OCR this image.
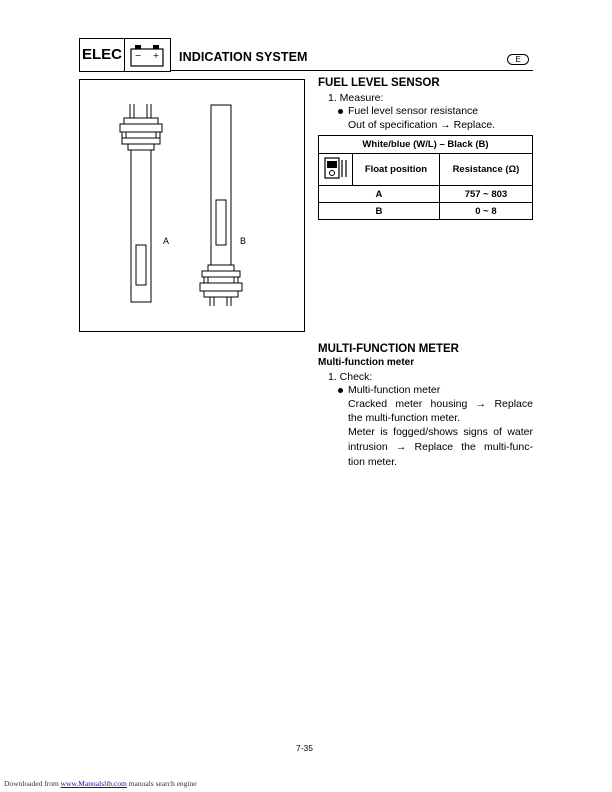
ELEC	− + INDICATION SYSTEM	E
A	B
FUEL LEVEL SENSOR
1. Measure:
Fuel level sensor resistance
Out of specification → Replace.
White/blue (W/L) – Black (B)		
	Float position	Resistance (Ω)
A		757 ~ 803
B		0 ~ 8
MULTI-FUNCTION METER
Multi-function meter
1. Check:
Multi-function meter
Cracked meter housing → Replace
the multi-function meter.
Meter is fogged/shows signs of water
intrusion → Replace the multi-func-
tion meter.
7-35
Downloaded from www.Manualslib.com manuals search engine
